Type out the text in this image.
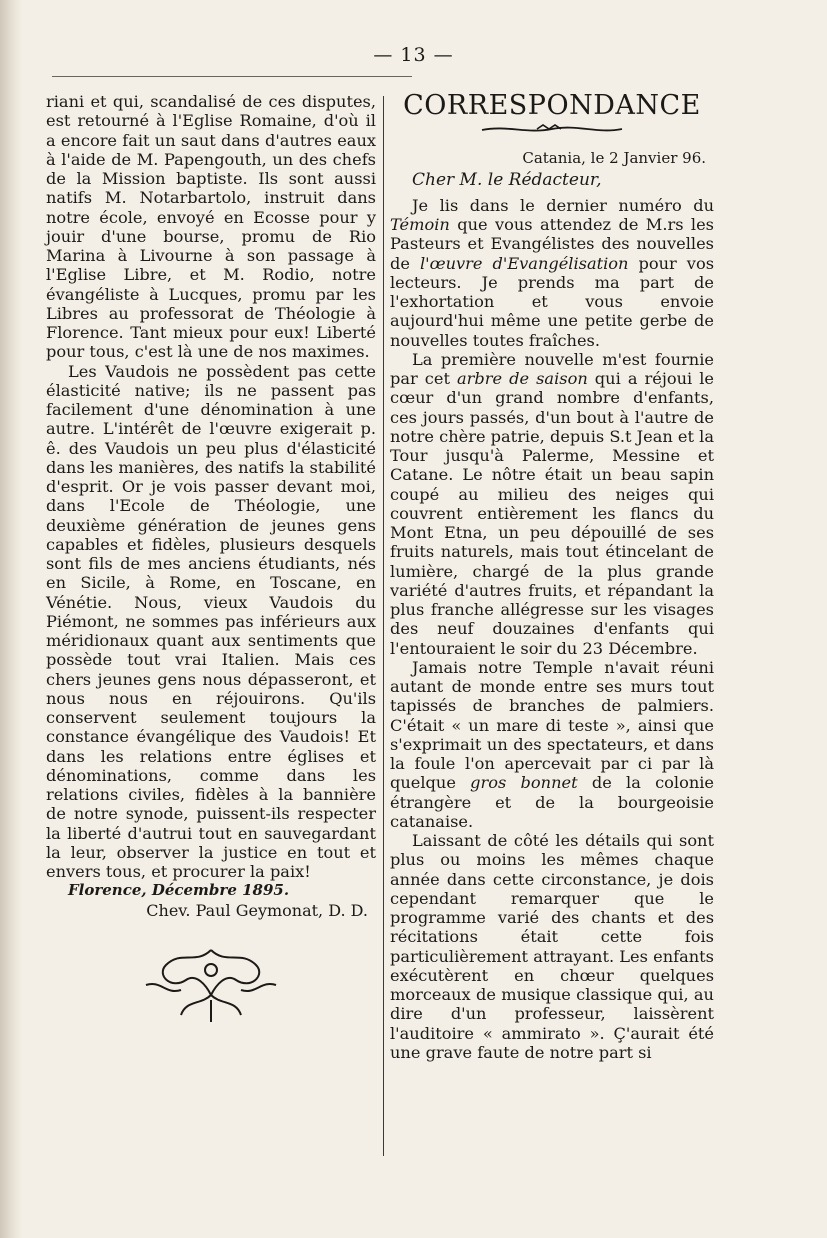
— 13 —

riani et qui, scandalisé de ces disputes, est retourné à l'Eglise Romaine, d'où il a encore fait un saut dans d'autres eaux à l'aide de M. Papengouth, un des chefs de la Mission baptiste. Ils sont aussi natifs M. Notarbartolo, instruit dans notre école, envoyé en Ecosse pour y jouir d'une bourse, promu de Rio Marina à Livourne à son passage à l'Eglise Libre, et M. Rodio, notre évangéliste à Lucques, promu par les Libres au professorat de Théologie à Florence. Tant mieux pour eux! Liberté pour tous, c'est là une de nos maximes.

Les Vaudois ne possèdent pas cette élasticité native; ils ne passent pas facilement d'une dénomination à une autre. L'intérêt de l'œuvre exigerait p. ê. des Vaudois un peu plus d'élasticité dans les manières, des natifs la stabilité d'esprit. Or je vois passer devant moi, dans l'Ecole de Théologie, une deuxième génération de jeunes gens capables et fidèles, plusieurs desquels sont fils de mes anciens étudiants, nés en Sicile, à Rome, en Toscane, en Vénétie. Nous, vieux Vaudois du Piémont, ne sommes pas inférieurs aux méridionaux quant aux sentiments que possède tout vrai Italien. Mais ces chers jeunes gens nous dépasseront, et nous nous en réjouirons. Qu'ils conservent seulement toujours la constance évangélique des Vaudois! Et dans les relations entre églises et dénominations, comme dans les relations civiles, fidèles à la bannière de notre synode, puissent-ils respecter la liberté d'autrui tout en sauvegardant la leur, observer la justice en tout et envers tous, et procurer la paix!

Florence, Décembre 1895.

Chev. Paul Geymonat, D. D.
CORRESPONDANCE
Catania, le 2 Janvier 96.
Cher M. le Rédacteur,

Je lis dans le dernier numéro du Témoin que vous attendez de M.rs les Pasteurs et Evangélistes des nouvelles de l'œuvre d'Evangélisation pour vos lecteurs. Je prends ma part de l'exhortation et vous envoie aujourd'hui même une petite gerbe de nouvelles toutes fraîches.

La première nouvelle m'est fournie par cet arbre de saison qui a réjoui le cœur d'un grand nombre d'enfants, ces jours passés, d'un bout à l'autre de notre chère patrie, depuis S.t Jean et la Tour jusqu'à Palerme, Messine et Catane. Le nôtre était un beau sapin coupé au milieu des neiges qui couvrent entièrement les flancs du Mont Etna, un peu dépouillé de ses fruits naturels, mais tout étincelant de lumière, chargé de la plus grande variété d'autres fruits, et répandant la plus franche allégresse sur les visages des neuf douzaines d'enfants qui l'entouraient le soir du 23 Décembre.

Jamais notre Temple n'avait réuni autant de monde entre ses murs tout tapissés de branches de palmiers. C'était « un mare di teste », ainsi que s'exprimait un des spectateurs, et dans la foule l'on apercevait par ci par là quelque gros bonnet de la colonie étrangère et de la bourgeoisie catanaise.

Laissant de côté les détails qui sont plus ou moins les mêmes chaque année dans cette circonstance, je dois cependant remarquer que le programme varié des chants et des récitations était cette fois particulièrement attrayant. Les enfants exécutèrent en chœur quelques morceaux de musique classique qui, au dire d'un professeur, laissèrent l'auditoire « ammirato ». Ç'aurait été une grave faute de notre part si
